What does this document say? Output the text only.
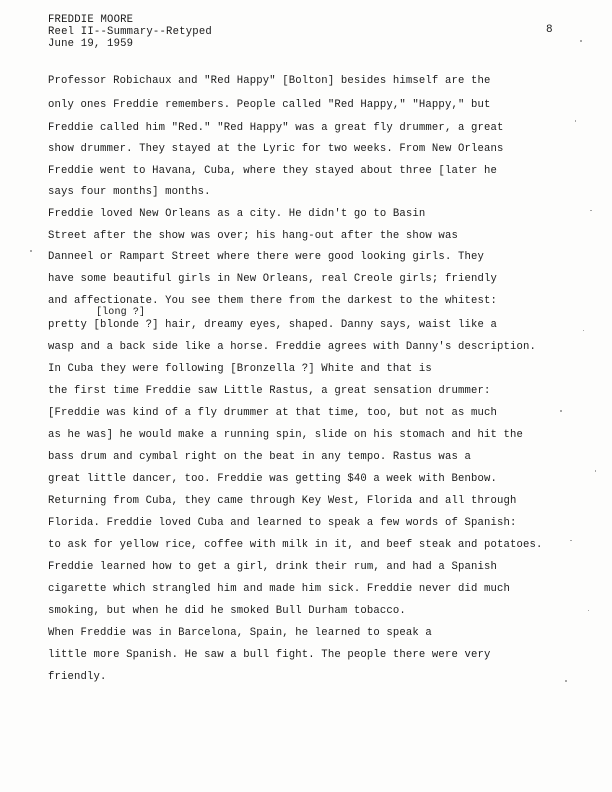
FREDDIE MOORE
Reel II--Summary--Retyped
June 19, 1959
8
Professor Robichaux and "Red Happy" [Bolton] besides himself are the
only ones Freddie remembers. People called "Red Happy," "Happy," but
Freddie called him "Red." "Red Happy" was a great fly drummer, a great
show drummer. They stayed at the Lyric for two weeks. From New Orleans
Freddie went to Havana, Cuba, where they stayed about three [later he
says four months] months.
Freddie loved New Orleans as a city. He didn't go to Basin
Street after the show was over; his hang-out after the show was
Danneel or Rampart Street where there were good looking girls. They
have some beautiful girls in New Orleans, real Creole girls; friendly
and affectionate. You see them there from the darkest to the whitest:
[long ?]
pretty [blonde ?] hair, dreamy eyes, shaped. Danny says, waist like a
wasp and a back side like a horse. Freddie agrees with Danny's description.
In Cuba they were following [Bronzella ?] White and that is
the first time Freddie saw Little Rastus, a great sensation drummer:
[Freddie was kind of a fly drummer at that time, too, but not as much
as he was] he would make a running spin, slide on his stomach and hit the
bass drum and cymbal right on the beat in any tempo. Rastus was a
great little dancer, too. Freddie was getting $40 a week with Benbow.
Returning from Cuba, they came through Key West, Florida and all through
Florida. Freddie loved Cuba and learned to speak a few words of Spanish:
to ask for yellow rice, coffee with milk in it, and beef steak and potatoes.
Freddie learned how to get a girl, drink their rum, and had a Spanish
cigarette which strangled him and made him sick. Freddie never did much
smoking, but when he did he smoked Bull Durham tobacco.
When Freddie was in Barcelona, Spain, he learned to speak a
little more Spanish. He saw a bull fight. The people there were very
friendly.
